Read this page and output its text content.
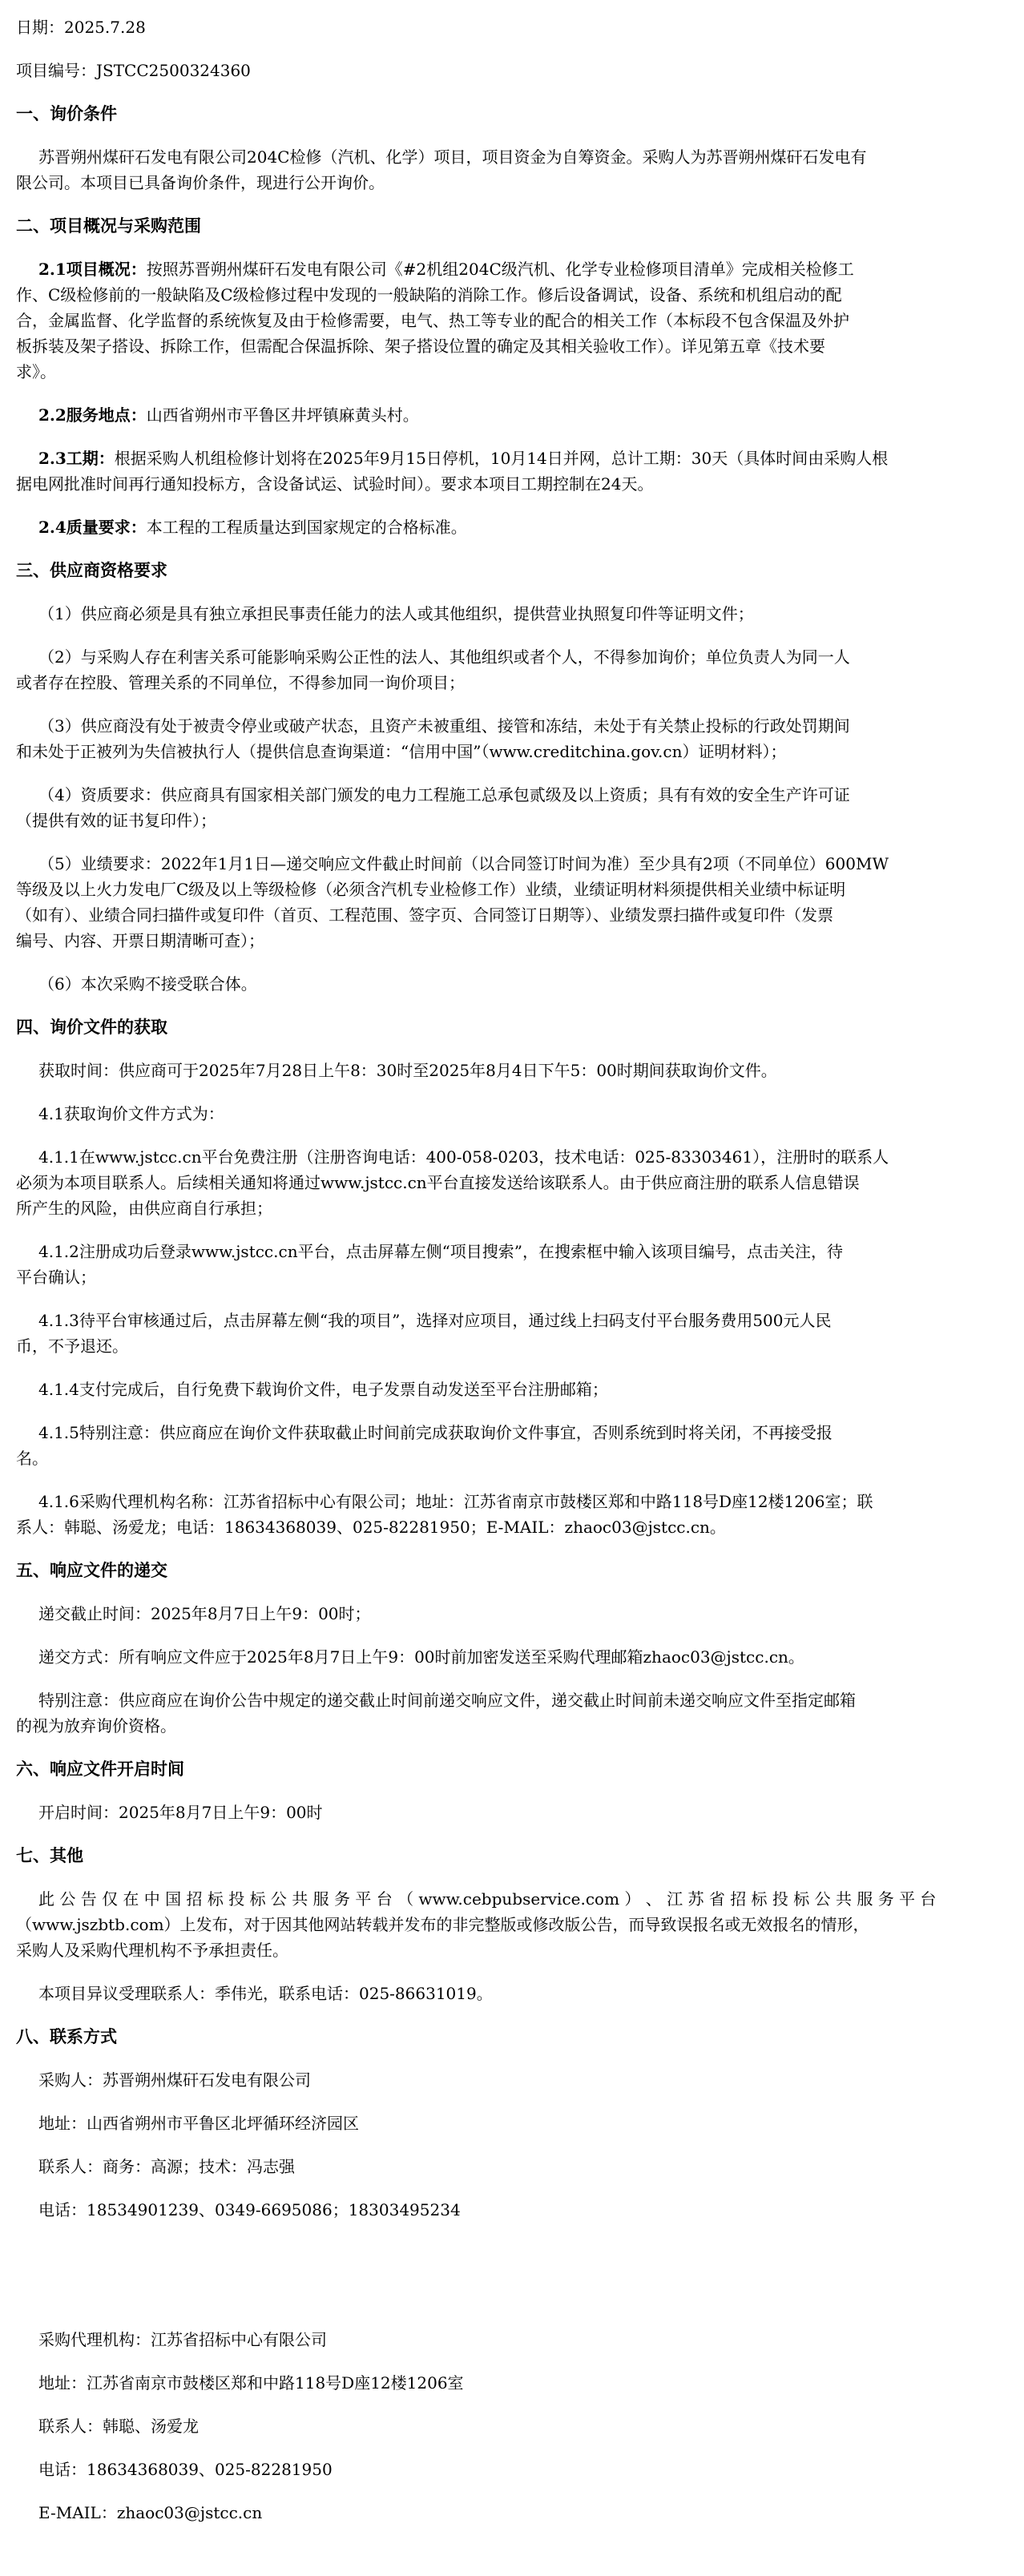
日期：2025.7.28
项目编号：JSTCC2500324360
一、询价条件
苏晋朔州煤矸石发电有限公司204C检修（汽机、化学）项目，项目资金为自筹资金。采购人为苏晋朔州煤矸石发电有
限公司。本项目已具备询价条件，现进行公开询价。
二、项目概况与采购范围
2.1项目概况：按照苏晋朔州煤矸石发电有限公司《#2机组204C级汽机、化学专业检修项目清单》完成相关检修工
作、C级检修前的一般缺陷及C级检修过程中发现的一般缺陷的消除工作。修后设备调试，设备、系统和机组启动的配
合，金属监督、化学监督的系统恢复及由于检修需要，电气、热工等专业的配合的相关工作（本标段不包含保温及外护
板拆装及架子搭设、拆除工作，但需配合保温拆除、架子搭设位置的确定及其相关验收工作）。详见第五章《技术要
求》。
2.2服务地点：山西省朔州市平鲁区井坪镇麻黄头村。
2.3工期：根据采购人机组检修计划将在2025年9月15日停机，10月14日并网，总计工期：30天（具体时间由采购人根
据电网批准时间再行通知投标方，含设备试运、试验时间）。要求本项目工期控制在24天。
2.4质量要求：本工程的工程质量达到国家规定的合格标准。
三、供应商资格要求
（1）供应商必须是具有独立承担民事责任能力的法人或其他组织，提供营业执照复印件等证明文件；
（2）与采购人存在利害关系可能影响采购公正性的法人、其他组织或者个人，不得参加询价；单位负责人为同一人
或者存在控股、管理关系的不同单位，不得参加同一询价项目；
（3）供应商没有处于被责令停业或破产状态，且资产未被重组、接管和冻结，未处于有关禁止投标的行政处罚期间
和未处于正被列为失信被执行人（提供信息查询渠道：“信用中国”（www.creditchina.gov.cn）证明材料）；
（4）资质要求：供应商具有国家相关部门颁发的电力工程施工总承包贰级及以上资质；具有有效的安全生产许可证
（提供有效的证书复印件）；
（5）业绩要求：2022年1月1日—递交响应文件截止时间前（以合同签订时间为准）至少具有2项（不同单位）600MW
等级及以上火力发电厂C级及以上等级检修（必须含汽机专业检修工作）业绩，业绩证明材料须提供相关业绩中标证明
（如有）、业绩合同扫描件或复印件（首页、工程范围、签字页、合同签订日期等）、业绩发票扫描件或复印件（发票
编号、内容、开票日期清晰可查）；
（6）本次采购不接受联合体。
四、询价文件的获取
获取时间：供应商可于2025年7月28日上午8：30时至2025年8月4日下午5：00时期间获取询价文件。
4.1获取询价文件方式为：
4.1.1在www.jstcc.cn平台免费注册（注册咨询电话：400-058-0203，技术电话：025-83303461），注册时的联系人
必须为本项目联系人。后续相关通知将通过www.jstcc.cn平台直接发送给该联系人。由于供应商注册的联系人信息错误
所产生的风险，由供应商自行承担；
4.1.2注册成功后登录www.jstcc.cn平台，点击屏幕左侧“项目搜索”，在搜索框中输入该项目编号，点击关注，待
平台确认；
4.1.3待平台审核通过后，点击屏幕左侧“我的项目”，选择对应项目，通过线上扫码支付平台服务费用500元人民
币，不予退还。
4.1.4支付完成后，自行免费下载询价文件，电子发票自动发送至平台注册邮箱；
4.1.5特别注意：供应商应在询价文件获取截止时间前完成获取询价文件事宜，否则系统到时将关闭，不再接受报
名。
4.1.6采购代理机构名称：江苏省招标中心有限公司；地址：江苏省南京市鼓楼区郑和中路118号D座12楼1206室；联
系人：韩聪、汤爱龙；电话：18634368039、025-82281950；E-MAIL：zhaoc03@jstcc.cn。
五、响应文件的递交
递交截止时间：2025年8月7日上午9：00时；
递交方式：所有响应文件应于2025年8月7日上午9：00时前加密发送至采购代理邮箱zhaoc03@jstcc.cn。
特别注意：供应商应在询价公告中规定的递交截止时间前递交响应文件，递交截止时间前未递交响应文件至指定邮箱
的视为放弃询价资格。
六、响应文件开启时间
开启时间：2025年8月7日上午9：00时
七、其他
此 公 告 仅 在 中 国 招 标 投 标 公 共 服 务 平 台 （ www.cebpubservice.com ） 、 江 苏 省 招 标 投 标 公 共 服 务 平 台
（www.jszbtb.com）上发布，对于因其他网站转载并发布的非完整版或修改版公告，而导致误报名或无效报名的情形，
采购人及采购代理机构不予承担责任。
本项目异议受理联系人：季伟光，联系电话：025-86631019。
八、联系方式
采购人：苏晋朔州煤矸石发电有限公司
地址：山西省朔州市平鲁区北坪循环经济园区
联系人：商务：高源；技术：冯志强
电话：18534901239、0349-6695086；18303495234
采购代理机构：江苏省招标中心有限公司
地址：江苏省南京市鼓楼区郑和中路118号D座12楼1206室
联系人：韩聪、汤爱龙
电话：18634368039、025-82281950
E-MAIL：zhaoc03@jstcc.cn
